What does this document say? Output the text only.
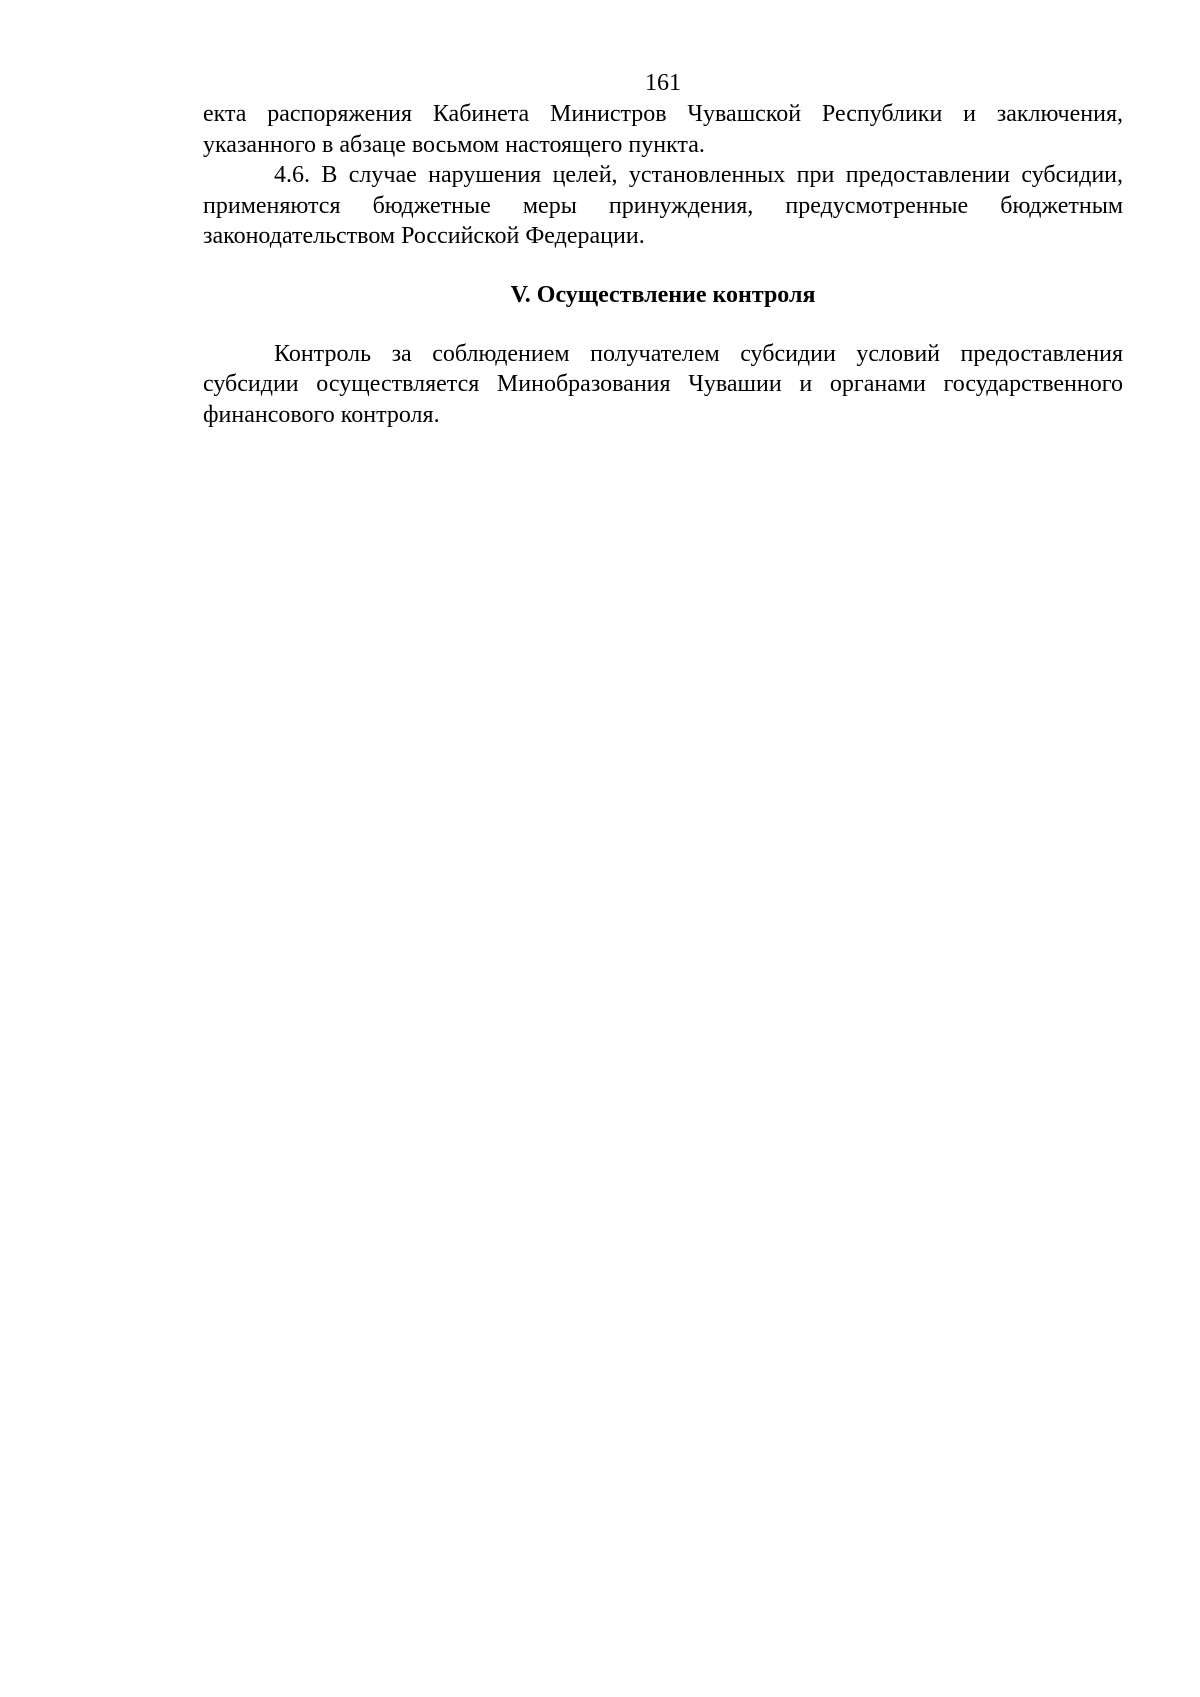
161

екта распоряжения Кабинета Министров Чувашской Республики и заключения, указанного в абзаце восьмом настоящего пункта.

4.6. В случае нарушения целей, установленных при предоставлении субсидии, применяются бюджетные меры принуждения, предусмотренные бюджетным законодательством Российской Федерации.

V. Осуществление контроля

Контроль за соблюдением получателем субсидии условий предоставления субсидии осуществляется Минобразования Чувашии и органами государственного финансового контроля.
